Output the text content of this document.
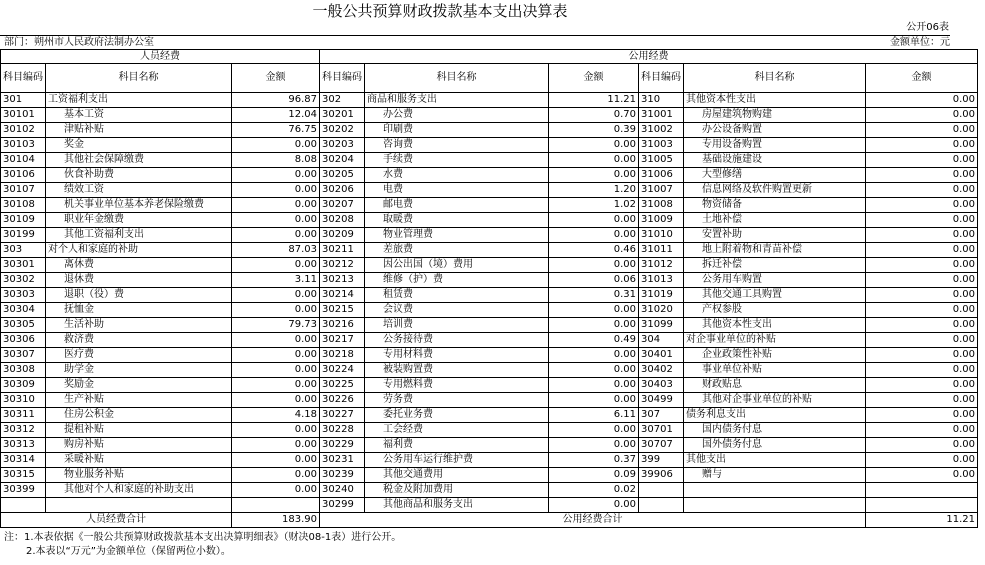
一般公共预算财政拨款基本支出决算表
公开06表
部门：朔州市人民政府法制办公室	金额单位：元
人员经费			公用经费					
科目编码	科目名称	金额	科目编码	科目名称	金额	科目编码	科目名称	金额
301	工资福利支出	96.87	302	商品和服务支出	11.21	310	其他资本性支出	0.00
30101	基本工资	12.04	30201	办公费	0.70	31001	房屋建筑物购建	0.00
30102	津贴补贴	76.75	30202	印刷费	0.39	31002	办公设备购置	0.00
30103	奖金	0.00	30203	咨询费	0.00	31003	专用设备购置	0.00
30104	其他社会保障缴费	8.08	30204	手续费	0.00	31005	基础设施建设	0.00
30106	伙食补助费	0.00	30205	水费	0.00	31006	大型修缮	0.00
30107	绩效工资	0.00	30206	电费	1.20	31007	信息网络及软件购置更新	0.00
30108	机关事业单位基本养老保险缴费	0.00	30207	邮电费	1.02	31008	物资储备	0.00
30109	职业年金缴费	0.00	30208	取暖费	0.00	31009	土地补偿	0.00
30199	其他工资福利支出	0.00	30209	物业管理费	0.00	31010	安置补助	0.00
303	对个人和家庭的补助	87.03	30211	差旅费	0.46	31011	地上附着物和青苗补偿	0.00
30301	离休费	0.00	30212	因公出国（境）费用	0.00	31012	拆迁补偿	0.00
30302	退休费	3.11	30213	维修（护）费	0.06	31013	公务用车购置	0.00
30303	退职（役）费	0.00	30214	租赁费	0.31	31019	其他交通工具购置	0.00
30304	抚恤金	0.00	30215	会议费	0.00	31020	产权参股	0.00
30305	生活补助	79.73	30216	培训费	0.00	31099	其他资本性支出	0.00
30306	救济费	0.00	30217	公务接待费	0.49	304	对企事业单位的补贴	0.00
30307	医疗费	0.00	30218	专用材料费	0.00	30401	企业政策性补贴	0.00
30308	助学金	0.00	30224	被装购置费	0.00	30402	事业单位补贴	0.00
30309	奖励金	0.00	30225	专用燃料费	0.00	30403	财政贴息	0.00
30310	生产补贴	0.00	30226	劳务费	0.00	30499	其他对企事业单位的补贴	0.00
30311	住房公积金	4.18	30227	委托业务费	6.11	307	债务利息支出	0.00
30312	提租补贴	0.00	30228	工会经费	0.00	30701	国内债务付息	0.00
30313	购房补贴	0.00	30229	福利费	0.00	30707	国外债务付息	0.00
30314	采暖补贴	0.00	30231	公务用车运行维护费	0.37	399	其他支出	0.00
30315	物业服务补贴	0.00	30239	其他交通费用	0.09	39906	赠与	0.00
30399	其他对个人和家庭的补助支出	0.00	30240	税金及附加费用	0.02			
			30299	其他商品和服务支出	0.00			
人员经费合计		183.90	公用经费合计					11.21
注：1.本表依据《一般公共预算财政拨款基本支出决算明细表》（财决08-1表）进行公开。
2.本表以“万元”为金额单位（保留两位小数）。
